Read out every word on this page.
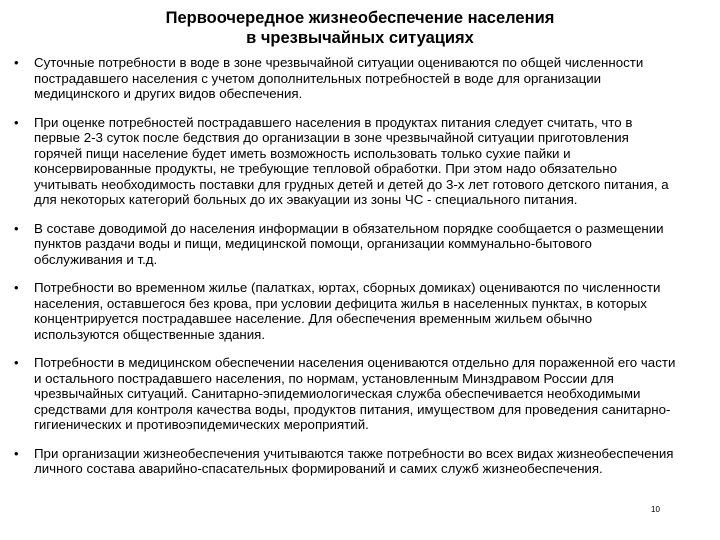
Первоочередное жизнеобеспечение населения
в чрезвычайных ситуациях
• Суточные потребности в воде в зоне чрезвычайной ситуации оцениваются по общей численности пострадавшего населения с учетом дополнительных потребностей в воде для организации медицинского и других видов обеспечения.
• При оценке потребностей пострадавшего населения в продуктах питания следует считать, что в первые 2-3 суток после бедствия до организации в зоне чрезвычайной ситуации приготовления горячей пищи население будет иметь возможность использовать только сухие пайки и консервированные продукты, не требующие тепловой обработки. При этом надо обязательно учитывать необходимость поставки для грудных детей и детей до 3-х лет готового детского питания, а для некоторых категорий больных до их эвакуации из зоны ЧС - специального питания.
• В составе доводимой до населения информации в обязательном порядке сообщается о размещении пунктов раздачи воды и пищи, медицинской помощи, организации коммунально-бытового обслуживания и т.д.
• Потребности во временном жилье (палатках, юртах, сборных домиках) оцениваются по численности населения, оставшегося без крова, при условии дефицита жилья в населенных пунктах, в которых концентрируется пострадавшее население. Для обеспечения временным жильем обычно используются общественные здания.
• Потребности в медицинском обеспечении населения оцениваются отдельно для пораженной его части и остального пострадавшего населения, по нормам, установленным Минздравом России для чрезвычайных ситуаций. Санитарно-эпидемиологическая служба обеспечивается необходимыми средствами для контроля качества воды, продуктов питания, имуществом для проведения санитарно-гигиенических и противоэпидемических мероприятий.
• При организации жизнеобеспечения учитываются также потребности во всех видах жизнеобеспечения личного состава аварийно-спасательных формирований и самих служб жизнеобеспечения.
10
